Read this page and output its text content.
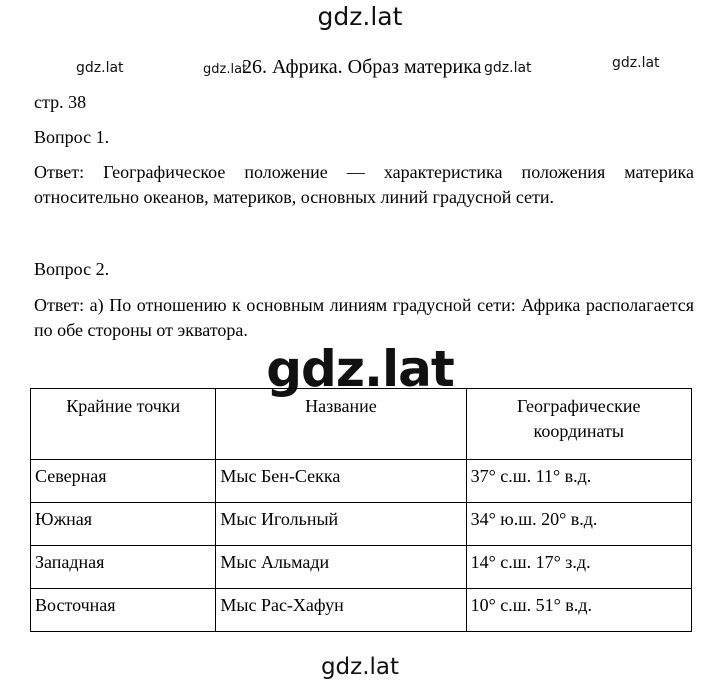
gdz.lat
gdz.lat	gdz.lat	gdz.lat	gdz.lat
26. Африка. Образ материка
стр. 38
Вопрос 1.
Ответ: Географическое положение — характеристика положения материка относительно океанов, материков, основных линий градусной сети.
Вопрос 2.
Ответ: а) По отношению к основным линиям градусной сети: Африка располагается по обе стороны от экватора.
gdz.lat
Крайние точки	Название	Географические координаты
Северная	Мыс Бен-Секка	37° с.ш. 11° в.д.
Южная	Мыс Игольный	34° ю.ш. 20° в.д.
Западная	Мыс Альмади	14° с.ш. 17° з.д.
Восточная	Мыс Рас-Хафун	10° с.ш. 51° в.д.
gdz.lat
